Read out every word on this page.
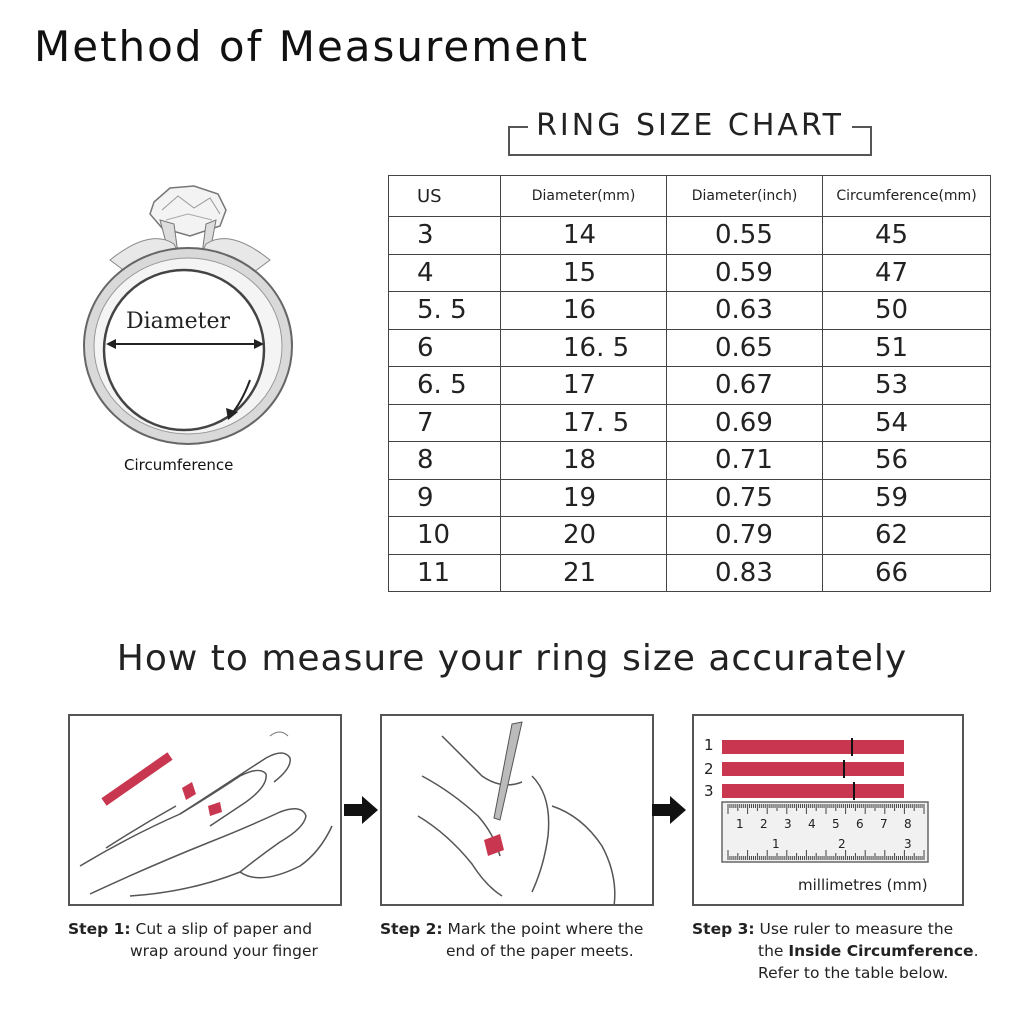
Method of Measurement
Diameter
Circumference
RING SIZE CHART
US	Diameter(mm)	Diameter(inch)	Circumference(mm)
3	14	0.55	45
4	15	0.59	47
5. 5	16	0.63	50
6	16. 5	0.65	51
6. 5	17	0.67	53
7	17. 5	0.69	54
8	18	0.71	56
9	19	0.75	59
10	20	0.79	62
11	21	0.83	66
How to measure your ring size accurately
1
2
3
1 2 3 4 5 6 7 8
1	2	3
millimetres (mm)
Step 1: Cut a slip of paper and
wrap around your finger
Step 2: Mark the point where the
end of the paper meets.
Step 3: Use ruler to measure the
the Inside Circumference.
Refer to the table below.
